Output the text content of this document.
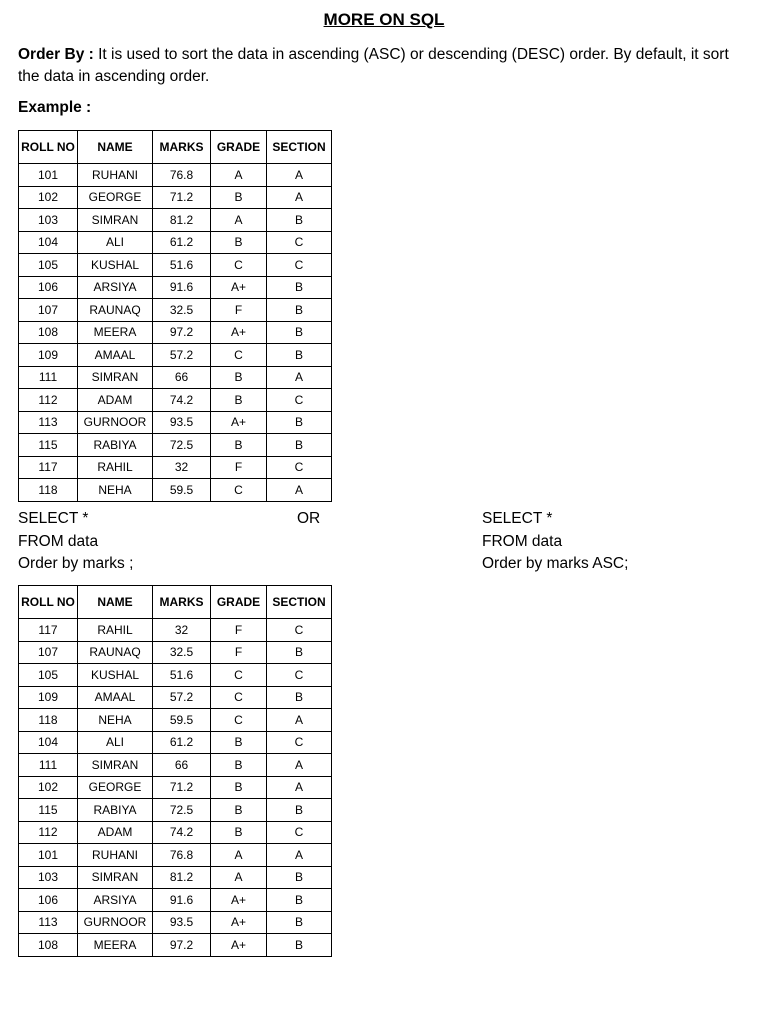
MORE ON SQL
Order By : It is used to sort the data in ascending (ASC) or descending (DESC) order. By default, it sort the data in ascending order.
Example :
ROLL NO	NAME	MARKS	GRADE	SECTION
101	RUHANI	76.8	A	A
102	GEORGE	71.2	B	A
103	SIMRAN	81.2	A	B
104	ALI	61.2	B	C
105	KUSHAL	51.6	C	C
106	ARSIYA	91.6	A+	B
107	RAUNAQ	32.5	F	B
108	MEERA	97.2	A+	B
109	AMAAL	57.2	C	B
111	SIMRAN	66	B	A
112	ADAM	74.2	B	C
113	GURNOOR	93.5	A+	B
115	RABIYA	72.5	B	B
117	RAHIL	32	F	C
118	NEHA	59.5	C	A
SELECT *
FROM data
Order by marks ;
OR	SELECT *
FROM data
Order by marks ASC;
ROLL NO	NAME	MARKS	GRADE	SECTION
117	RAHIL	32	F	C
107	RAUNAQ	32.5	F	B
105	KUSHAL	51.6	C	C
109	AMAAL	57.2	C	B
118	NEHA	59.5	C	A
104	ALI	61.2	B	C
111	SIMRAN	66	B	A
102	GEORGE	71.2	B	A
115	RABIYA	72.5	B	B
112	ADAM	74.2	B	C
101	RUHANI	76.8	A	A
103	SIMRAN	81.2	A	B
106	ARSIYA	91.6	A+	B
113	GURNOOR	93.5	A+	B
108	MEERA	97.2	A+	B
